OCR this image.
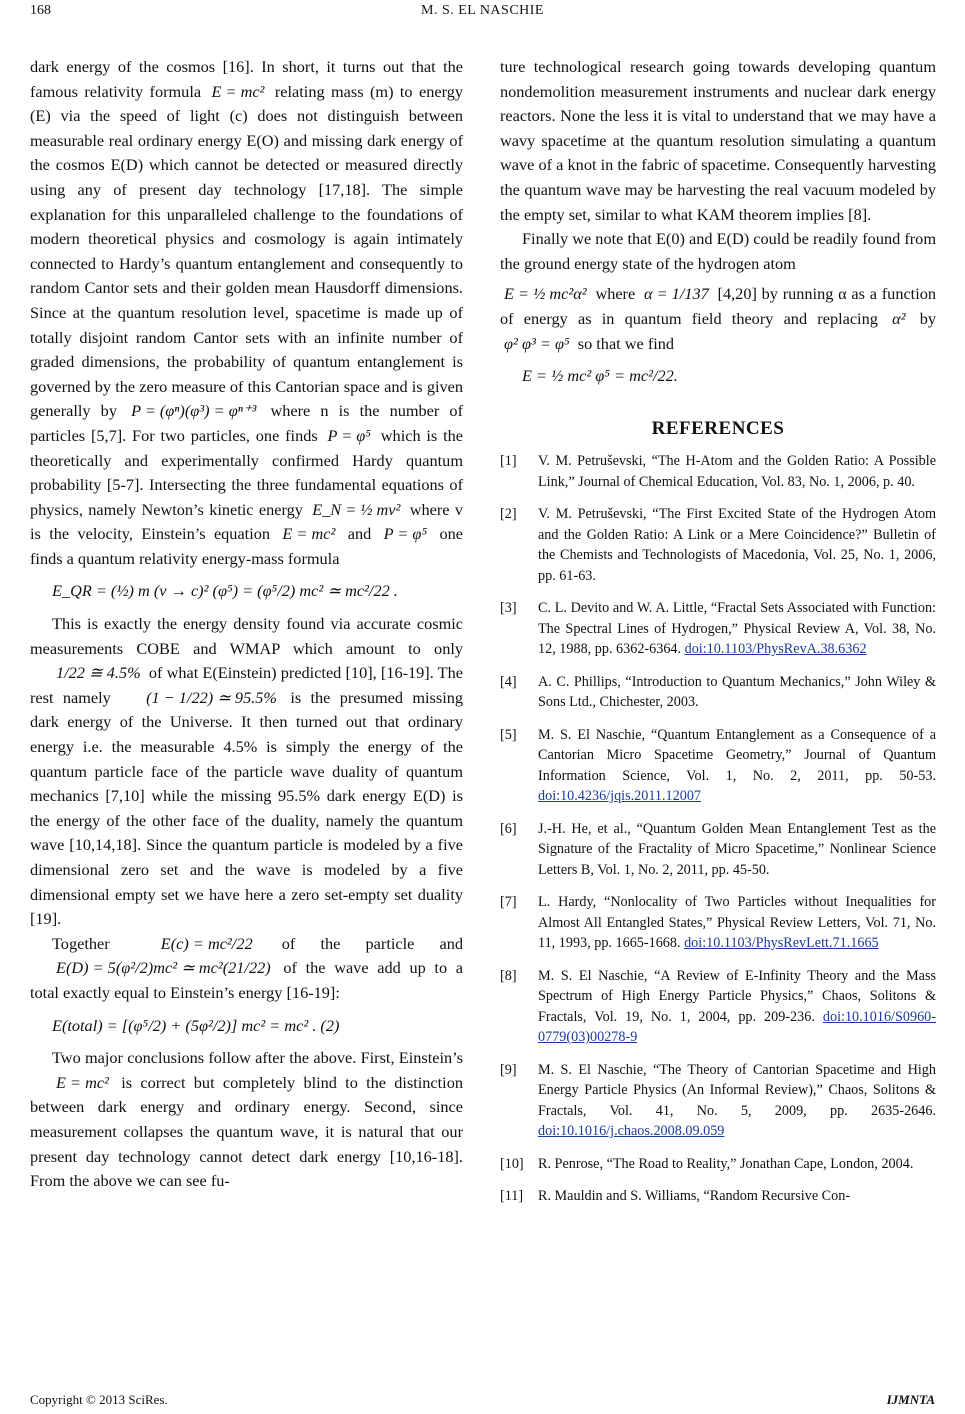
168	M. S. EL NASCHIE

dark energy of the cosmos [16]. In short, it turns out that the famous relativity formula E = mc² relating mass (m) to energy (E) via the speed of light (c) does not distinguish between measurable real ordinary energy E(O) and missing dark energy of the cosmos E(D) which cannot be detected or measured directly using any of present day technology [17,18]. The simple explanation for this unparalleled challenge to the foundations of modern theoretical physics and cosmology is again intimately connected to Hardy’s quantum entanglement and consequently to random Cantor sets and their golden mean Hausdorff dimensions. Since at the quantum resolution level, spacetime is made up of totally disjoint random Cantor sets with an infinite number of graded dimensions, the probability of quantum entanglement is governed by the zero measure of this Cantorian space and is given generally by P = (φⁿ)(φ³) = φⁿ⁺³ where n is the number of particles [5,7]. For two particles, one finds P = φ⁵ which is the theoretically and experimentally confirmed Hardy quantum probability [5-7]. Intersecting the three fundamental equations of physics, namely Newton’s kinetic energy E_N = ½ mv² where v is the velocity, Einstein’s equation E = mc² and P = φ⁵ one finds a quantum relativity energy-mass formula

E_QR = (½) m (v → c)² (φ⁵) = (φ⁵/2) mc² ≃ mc²/22 .

This is exactly the energy density found via accurate cosmic measurements COBE and WMAP which amount to only 1/22 ≅ 4.5% of what E(Einstein) predicted [10], [16-19]. The rest namely (1 − 1/22) ≃ 95.5% is the presumed missing dark energy of the Universe. It then turned out that ordinary energy i.e. the measurable 4.5% is simply the energy of the quantum particle face of the particle wave duality of quantum mechanics [7,10] while the missing 95.5% dark energy E(D) is the energy of the other face of the duality, namely the quantum wave [10,14,18]. Since the quantum particle is modeled by a five dimensional zero set and the wave is modeled by a five dimensional empty set we have here a zero set-empty set duality [19].

Together	E(c) = mc²/22 of the particle and E(D) = 5(φ²/2)mc² ≃ mc²(21/22) of the wave add up to a total exactly equal to Einstein’s energy [16-19]:

E(total) = [(φ⁵/2) + (5φ²/2)] mc² = mc² . (2)

Two major conclusions follow after the above. First, Einstein’s E = mc² is correct but completely blind to the distinction between dark energy and ordinary energy. Second, since measurement collapses the quantum wave, it is natural that our present day technology cannot detect dark energy [10,16-18]. From the above we can see fu-

ture technological research going towards developing quantum nondemolition measurement instruments and nuclear dark energy reactors. None the less it is vital to understand that we may have a wavy spacetime at the quantum resolution simulating a quantum wave of a knot in the fabric of spacetime. Consequently harvesting the quantum wave may be harvesting the real vacuum modeled by the empty set, similar to what KAM theorem implies [8].

Finally we note that E(0) and E(D) could be readily found from the ground energy state of the hydrogen atom

E = ½ mc²α² where α = 1/137 [4,20] by running α as a function of energy as in quantum field theory and replacing α² by φ² φ³ = φ⁵ so that we find

E = ½ mc² φ⁵ = mc²/22.
REFERENCES
[1] V. M. Petruševski, “The H-Atom and the Golden Ratio: A Possible Link,” Journal of Chemical Education, Vol. 83, No. 1, 2006, p. 40.
[2] V. M. Petruševski, “The First Excited State of the Hydrogen Atom and the Golden Ratio: A Link or a Mere Coincidence?” Bulletin of the Chemists and Technologists of Macedonia, Vol. 25, No. 1, 2006, pp. 61-63.
[3] C. L. Devito and W. A. Little, “Fractal Sets Associated with Function: The Spectral Lines of Hydrogen,” Physical Review A, Vol. 38, No. 12, 1988, pp. 6362-6364. doi:10.1103/PhysRevA.38.6362
[4] A. C. Phillips, “Introduction to Quantum Mechanics,” John Wiley & Sons Ltd., Chichester, 2003.
[5] M. S. El Naschie, “Quantum Entanglement as a Consequence of a Cantorian Micro Spacetime Geometry,” Journal of Quantum Information Science, Vol. 1, No. 2, 2011, pp. 50-53. doi:10.4236/jqis.2011.12007
[6] J.-H. He, et al., “Quantum Golden Mean Entanglement Test as the Signature of the Fractality of Micro Spacetime,” Nonlinear Science Letters B, Vol. 1, No. 2, 2011, pp. 45-50.
[7] L. Hardy, “Nonlocality of Two Particles without Inequalities for Almost All Entangled States,” Physical Review Letters, Vol. 71, No. 11, 1993, pp. 1665-1668. doi:10.1103/PhysRevLett.71.1665
[8] M. S. El Naschie, “A Review of E-Infinity Theory and the Mass Spectrum of High Energy Particle Physics,” Chaos, Solitons & Fractals, Vol. 19, No. 1, 2004, pp. 209-236. doi:10.1016/S0960-0779(03)00278-9
[9] M. S. El Naschie, “The Theory of Cantorian Spacetime and High Energy Particle Physics (An Informal Review),” Chaos, Solitons & Fractals, Vol. 41, No. 5, 2009, pp. 2635-2646. doi:10.1016/j.chaos.2008.09.059
[10] R. Penrose, “The Road to Reality,” Jonathan Cape, London, 2004.
[11] R. Mauldin and S. Williams, “Random Recursive Con-
Copyright © 2013 SciRes.	IJMNTA
